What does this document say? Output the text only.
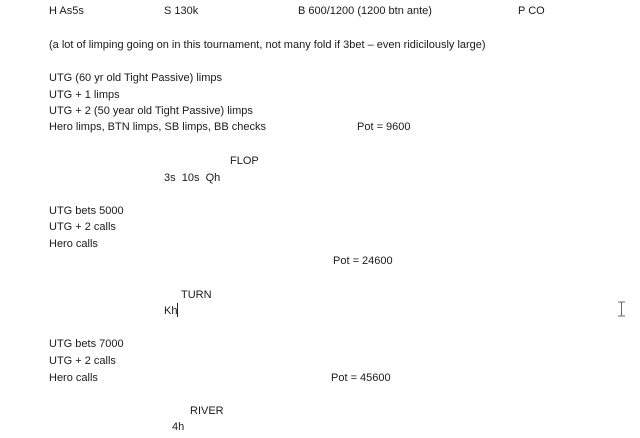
H As5s	S 130k	B 600/1200 (1200 btn ante)	P CO
(a lot of limping going on in this tournament, not many fold if 3bet – even ridicilously large)
UTG (60 yr old Tight Passive) limps
UTG + 1 limps
UTG + 2 (50 year old Tight Passive) limps
Hero limps, BTN limps, SB limps, BB checks	Pot = 9600
FLOP
3s  10s  Qh
UTG bets 5000
UTG + 2 calls
Hero calls
Pot = 24600
TURN
Kh
UTG bets 7000
UTG + 2 calls
Hero calls	Pot = 45600
RIVER
4h
